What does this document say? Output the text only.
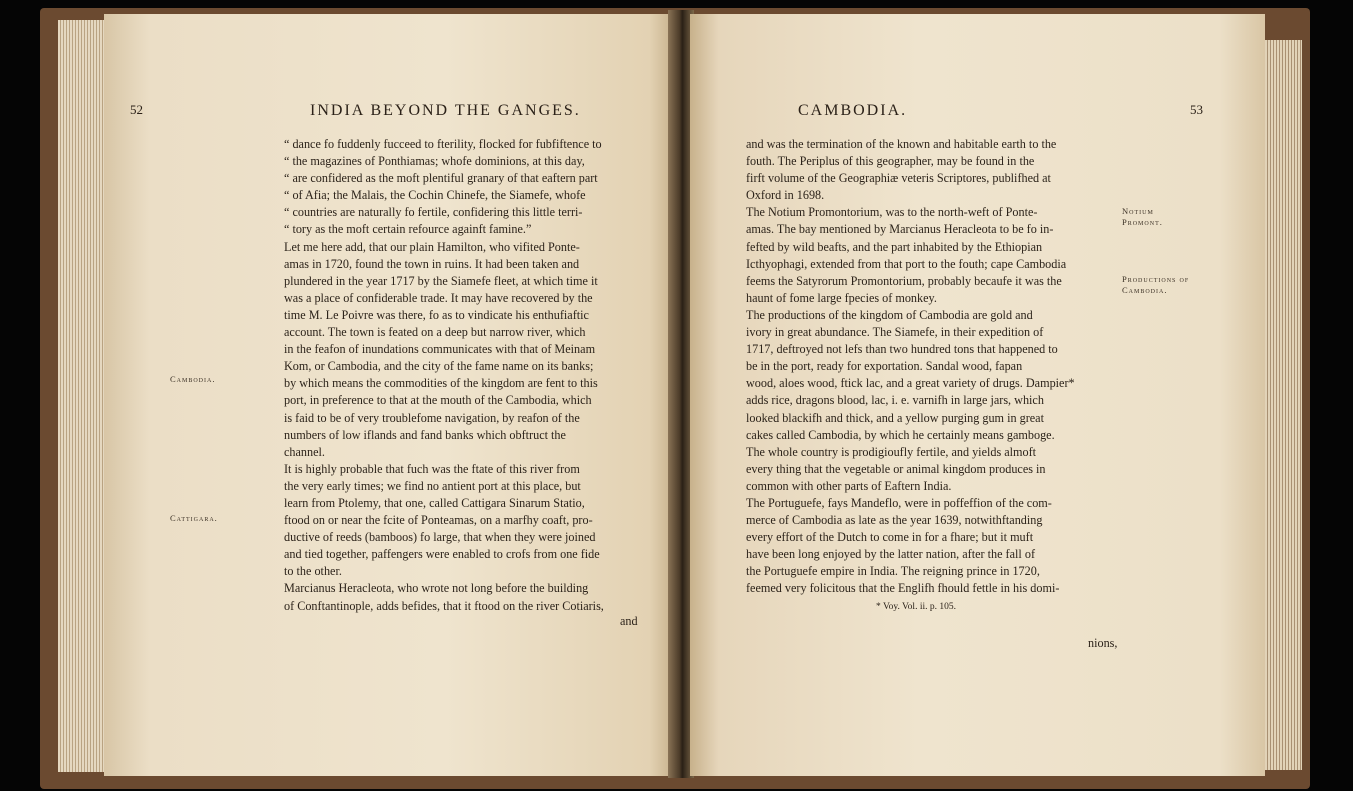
52	INDIA BEYOND THE GANGES.
“ dance fo fuddenly fucceed to fterility, flocked for fubfiftence to
“ the magazines of Ponthiamas; whofe dominions, at this day,
“ are confidered as the moft plentiful granary of that eaftern part
“ of Afia; the Malais, the Cochin Chinefe, the Siamefe, whofe
“ countries are naturally fo fertile, confidering this little terri-
“ tory as the moft certain refource againft famine.”
Let me here add, that our plain Hamilton, who vifited Ponte-
amas in 1720, found the town in ruins. It had been taken and
plundered in the year 1717 by the Siamefe fleet, at which time it
was a place of confiderable trade. It may have recovered by the
time M. Le Poivre was there, fo as to vindicate his enthufiaftic
account. The town is feated on a deep but narrow river, which
in the feafon of inundations communicates with that of Meinam
Kom, or Cambodia, and the city of the fame name on its banks;
by which means the commodities of the kingdom are fent to this
port, in preference to that at the mouth of the Cambodia, which
is faid to be of very troublefome navigation, by reafon of the
numbers of low iflands and fand banks which obftruct the
channel.
It is highly probable that fuch was the ftate of this river from
the very early times; we find no antient port at this place, but
learn from Ptolemy, that one, called Cattigara Sinarum Statio,
ftood on or near the fcite of Ponteamas, on a marfhy coaft, pro-
ductive of reeds (bamboos) fo large, that when they were joined
and tied together, paffengers were enabled to crofs from one fide
to the other.
Marcianus Heracleota, who wrote not long before the building
of Conftantinople, adds befides, that it ftood on the river Cotiaris,
Cambodia.
Cattigara.
and
CAMBODIA.	53
and was the termination of the known and habitable earth to the
fouth. The Periplus of this geographer, may be found in the
firft volume of the Geographiæ veteris Scriptores, publifhed at
Oxford in 1698.
The Notium Promontorium, was to the north-weft of Ponte-
amas. The bay mentioned by Marcianus Heracleota to be fo in-
fefted by wild beafts, and the part inhabited by the Ethiopian
Icthyophagi, extended from that port to the fouth; cape Cambodia
feems the Satyrorum Promontorium, probably becaufe it was the
haunt of fome large fpecies of monkey.
The productions of the kingdom of Cambodia are gold and
ivory in great abundance. The Siamefe, in their expedition of
1717, deftroyed not lefs than two hundred tons that happened to
be in the port, ready for exportation. Sandal wood, fapan
wood, aloes wood, ftick lac, and a great variety of drugs. Dampier*
adds rice, dragons blood, lac, i. e. varnifh in large jars, which
looked blackifh and thick, and a yellow purging gum in great
cakes called Cambodia, by which he certainly means gamboge.
The whole country is prodigioufly fertile, and yields almoft
every thing that the vegetable or animal kingdom produces in
common with other parts of Eaftern India.
The Portuguefe, fays Mandeflo, were in poffeffion of the com-
merce of Cambodia as late as the year 1639, notwithftanding
every effort of the Dutch to come in for a fhare; but it muft
have been long enjoyed by the latter nation, after the fall of
the Portuguefe empire in India. The reigning prince in 1720,
feemed very folicitous that the Englifh fhould fettle in his domi-
Notium Promont.
Productions of Cambodia.
* Voy. Vol. ii. p. 105.
nions,
